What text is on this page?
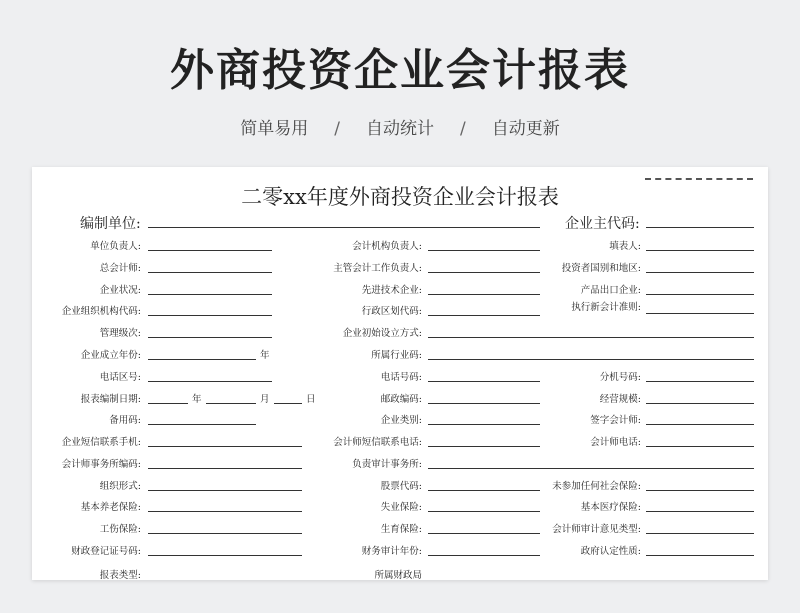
外商投资企业会计报表
简单易用 / 自动统计 / 自动更新
二零xx年度外商投资企业会计报表
编制单位:	企业主代码:
单位负责人:	会计机构负责人:	填表人:
总会计师:	主管会计工作负责人:	投资者国别和地区:
企业状况:	先进技术企业:	产品出口企业:
企业组织机构代码:	行政区划代码:	执行新会计准则:
管理级次:	企业初始设立方式:
企业成立年份:	年	所属行业码:
电话区号:	电话号码:	分机号码:
报表编制日期:	年	月	日	邮政编码:	经营规模:
备用码:	企业类别:	签字会计师:
企业短信联系手机:	会计师短信联系电话:	会计师电话:
会计师事务所编码:	负责审计事务所:
组织形式:	股票代码:	未参加任何社会保险:
基本养老保险:	失业保险:	基本医疗保险:
工伤保险:	生育保险:	会计师审计意见类型:
财政登记证号码:	财务审计年份:	政府认定性质:
报表类型:	所属财政局
